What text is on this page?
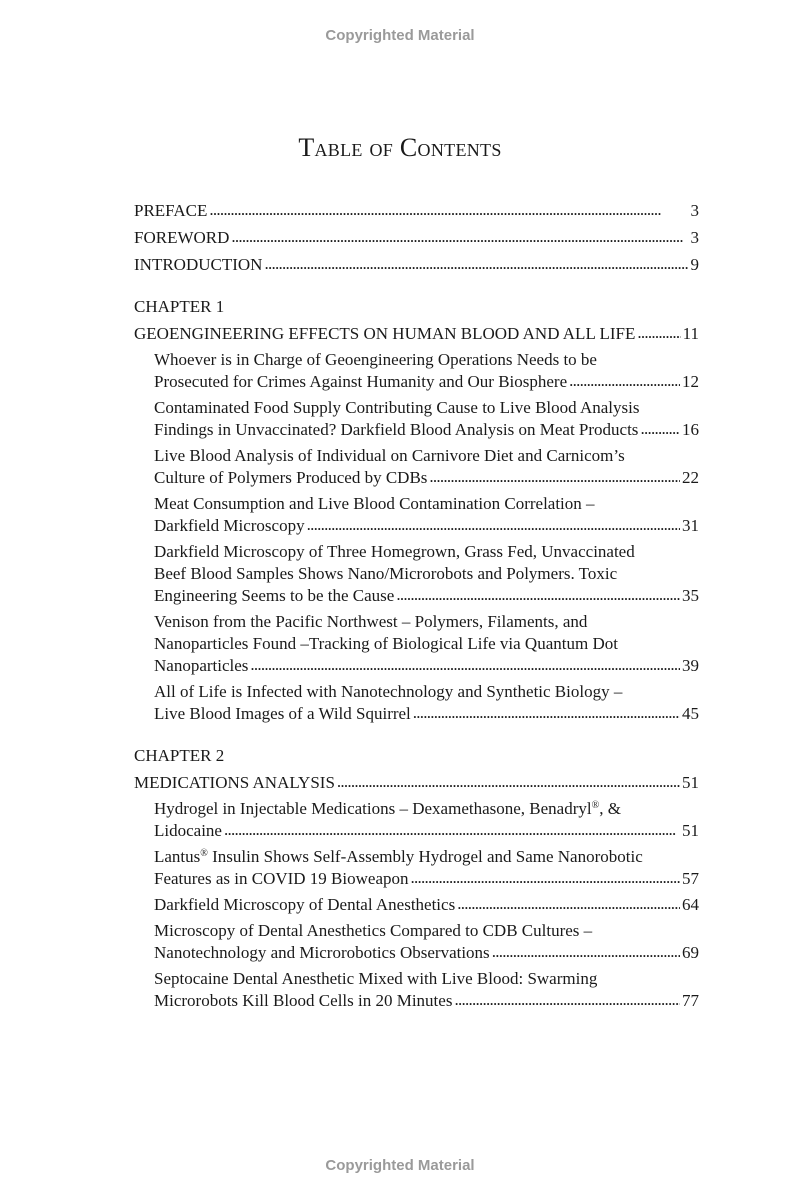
Copyrighted Material
Table of Contents
PREFACE . . .	3
FOREWORD . . .	3
INTRODUCTION . . .	9
CHAPTER 1
GEOENGINEERING EFFECTS ON HUMAN BLOOD AND ALL LIFE . . .	11
Whoever is in Charge of Geoengineering Operations Needs to be
Prosecuted for Crimes Against Humanity and Our Biosphere . . .	12
Contaminated Food Supply Contributing Cause to Live Blood Analysis
Findings in Unvaccinated? Darkfield Blood Analysis on Meat Products . . .	16
Live Blood Analysis of Individual on Carnivore Diet and Carnicom’s
Culture of Polymers Produced by CDBs . . .	22
Meat Consumption and Live Blood Contamination Correlation –
Darkfield Microscopy . . .	31
Darkfield Microscopy of Three Homegrown, Grass Fed, Unvaccinated
Beef Blood Samples Shows Nano/Microrobots and Polymers. Toxic
Engineering Seems to be the Cause . . .	35
Venison from the Pacific Northwest – Polymers, Filaments, and
Nanoparticles Found –Tracking of Biological Life via Quantum Dot
Nanoparticles . . .	39
All of Life is Infected with Nanotechnology and Synthetic Biology –
Live Blood Images of a Wild Squirrel . . .	45
CHAPTER 2
MEDICATIONS ANALYSIS . . .	51
Hydrogel in Injectable Medications – Dexamethasone, Benadryl®, &
Lidocaine . . .	51
Lantus® Insulin Shows Self-Assembly Hydrogel and Same Nanorobotic
Features as in COVID 19 Bioweapon . . .	57
Darkfield Microscopy of Dental Anesthetics . . .	64
Microscopy of Dental Anesthetics Compared to CDB Cultures –
Nanotechnology and Microrobotics Observations . . .	69
Septocaine Dental Anesthetic Mixed with Live Blood: Swarming
Microrobots Kill Blood Cells in 20 Minutes . . .	77
Copyrighted Material
